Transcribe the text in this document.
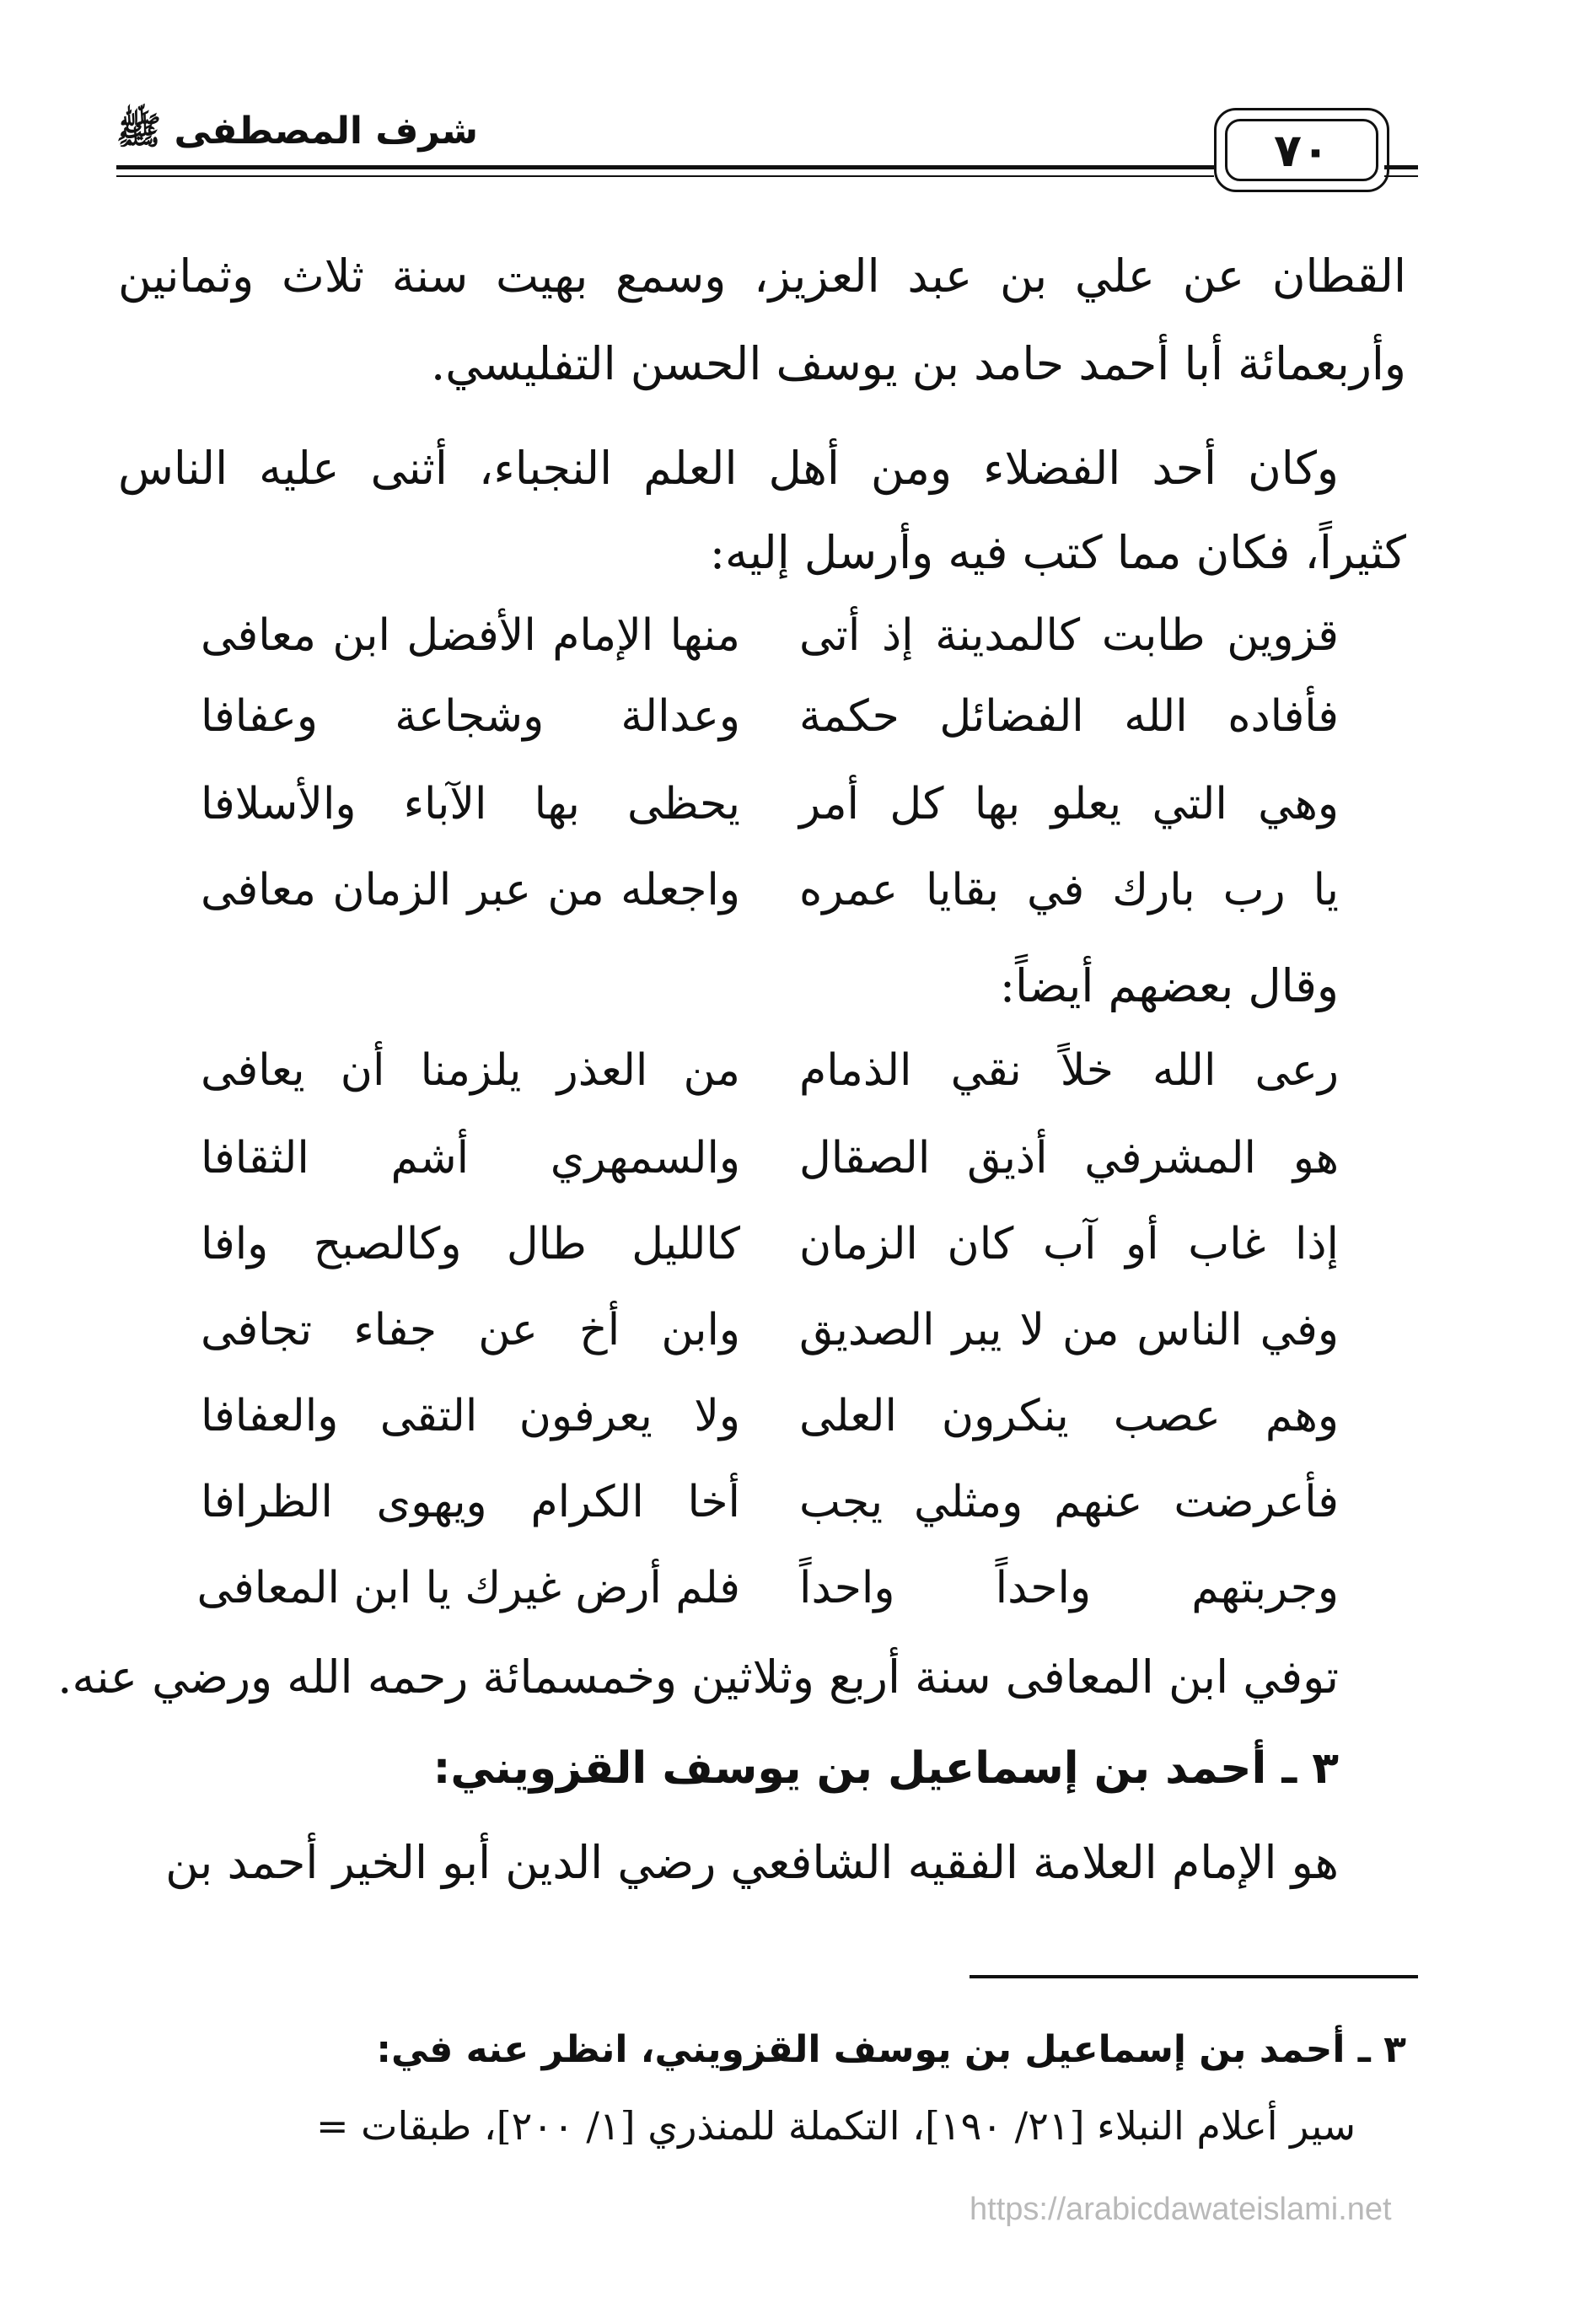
شرف المصطفى ﷺ	٧٠
القطان عن علي بن عبد العزيز، وسمع بهيت سنة ثلاث وثمانين
وأربعمائة أبا أحمد حامد بن يوسف الحسن التفليسي.
وكان أحد الفضلاء ومن أهل العلم النجباء، أثنى عليه الناس
كثيراً، فكان مما كتب فيه وأرسل إليه:
قزوين طابت كالمدينة إذ أتى
منها الإمام الأفضل ابن معافى
فأفاده الله الفضائل حكمة
وعدالة وشجاعة وعفافا
وهي التي يعلو بها كل أمر
يحظى بها الآباء والأسلافا
يا رب بارك في بقايا عمره
واجعله من عبر الزمان معافى
وقال بعضهم أيضاً:
رعى الله خلاً نقي الذمام
من العذر يلزمنا أن يعافى
هو المشرفي أذيق الصقال
والسمهري أشم الثقافا
إذا غاب أو آب كان الزمان
كالليل طال وكالصبح وافا
وفي الناس من لا يبر الصديق
وابن أخ عن جفاء تجافى
وهم عصب ينكرون العلى
ولا يعرفون التقى والعفافا
فأعرضت عنهم ومثلي يجب
أخا الكرام ويهوى الظرافا
وجربتهم واحداً واحداً
فلم أرض غيرك يا ابن المعافى
توفي ابن المعافى سنة أربع وثلاثين وخمسمائة رحمه الله ورضي عنه.
٣ ـ أحمد بن إسماعيل بن يوسف القزويني:
هو الإمام العلامة الفقيه الشافعي رضي الدين أبو الخير أحمد بن
٣ ـ أحمد بن إسماعيل بن يوسف القزويني، انظر عنه في:
سير أعلام النبلاء [٢١/ ١٩٠]، التكملة للمنذري [١/ ٢٠٠]، طبقات =
https://arabicdawateislami.net
